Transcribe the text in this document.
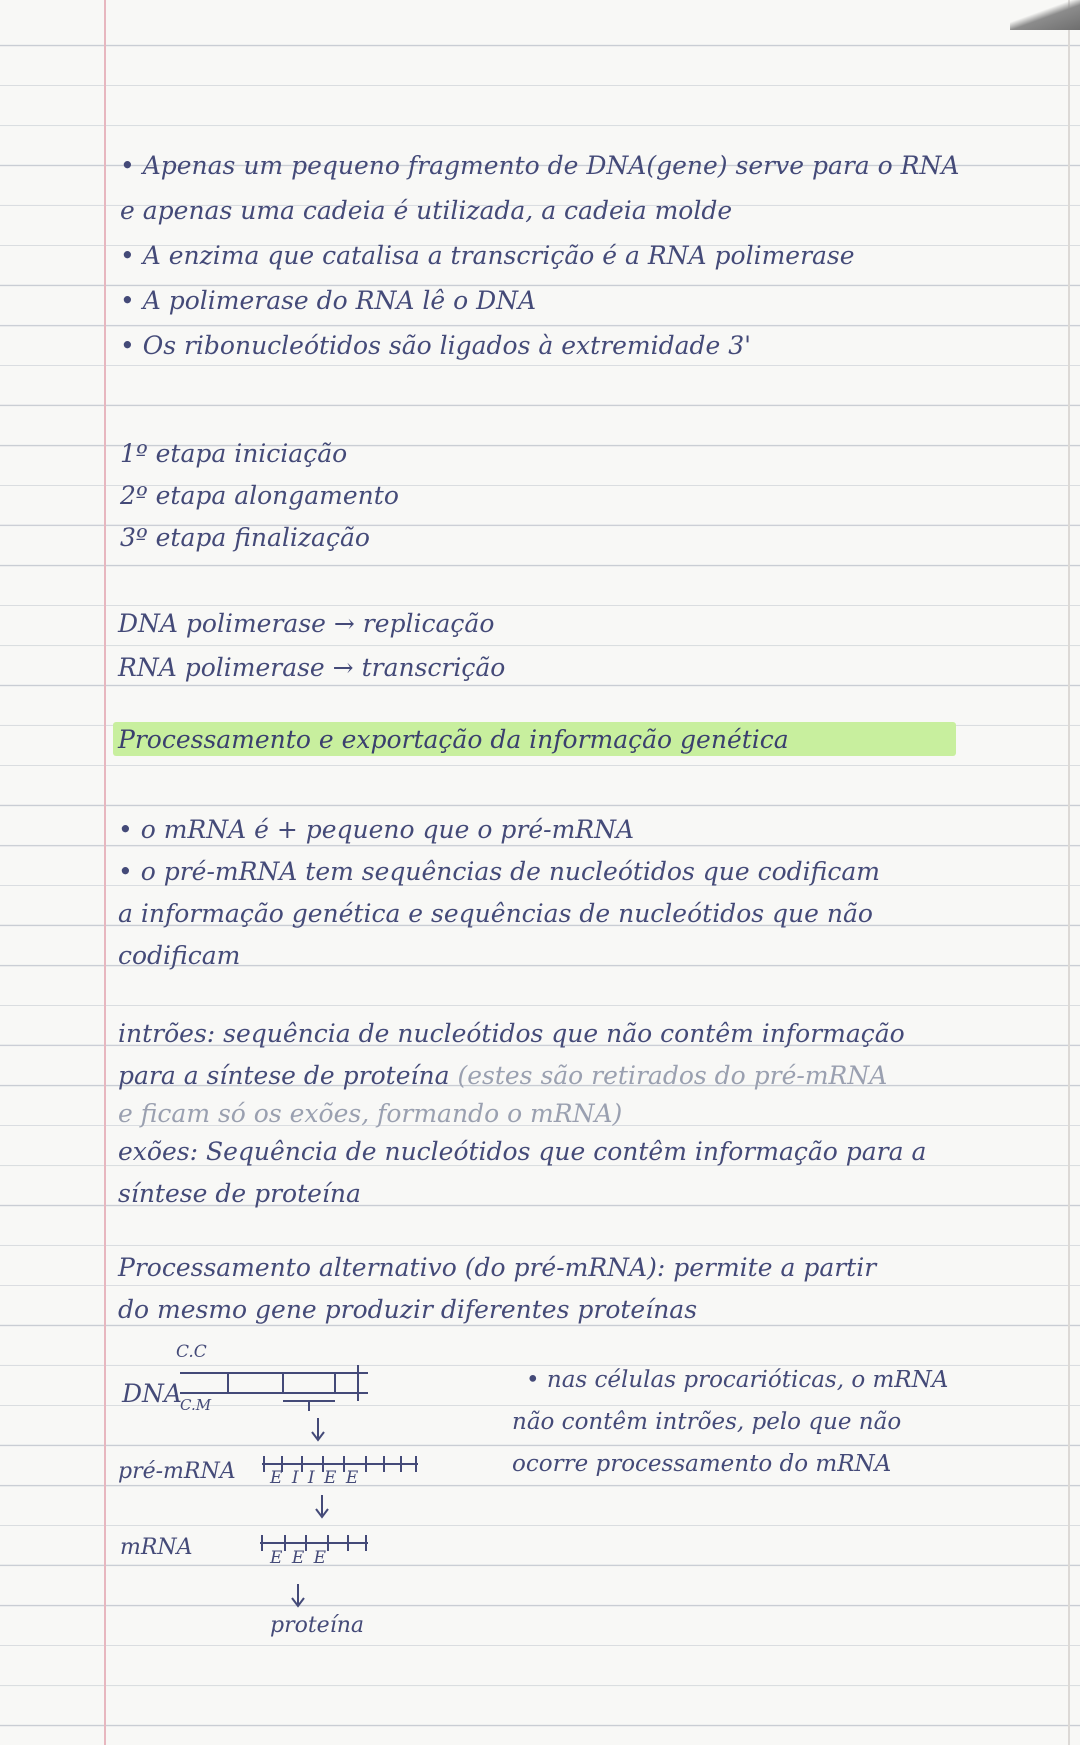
• Apenas um pequeno fragmento de DNA(gene) serve para o RNA

e apenas uma cadeia é utilizada, a cadeia molde

• A enzima que catalisa a transcrição é a RNA polimerase

• A polimerase do RNA lê o DNA

• Os ribonucleótidos são ligados à extremidade 3'

1º etapa iniciação

2º etapa alongamento

3º etapa finalização

DNA polimerase → replicação

RNA polimerase → transcrição

Processamento e exportação da informação genética

• o mRNA é + pequeno que o pré-mRNA

• o pré-mRNA tem sequências de nucleótidos que codificam

a informação genética e sequências de nucleótidos que não

codificam

intrões: sequência de nucleótidos que não contêm informação

para a síntese de proteína (estes são retirados do pré-mRNA

e ficam só os exões, formando o mRNA)

exões: Sequência de nucleótidos que contêm informação para a

síntese de proteína

Processamento alternativo (do pré-mRNA): permite a partir

do mesmo gene produzir diferentes proteínas

C.C

C.M

DNA

pré-mRNA E I I E E

mRNA	E E E

proteína

• nas células procarióticas, o mRNA

não contêm intrões, pelo que não

ocorre processamento do mRNA
